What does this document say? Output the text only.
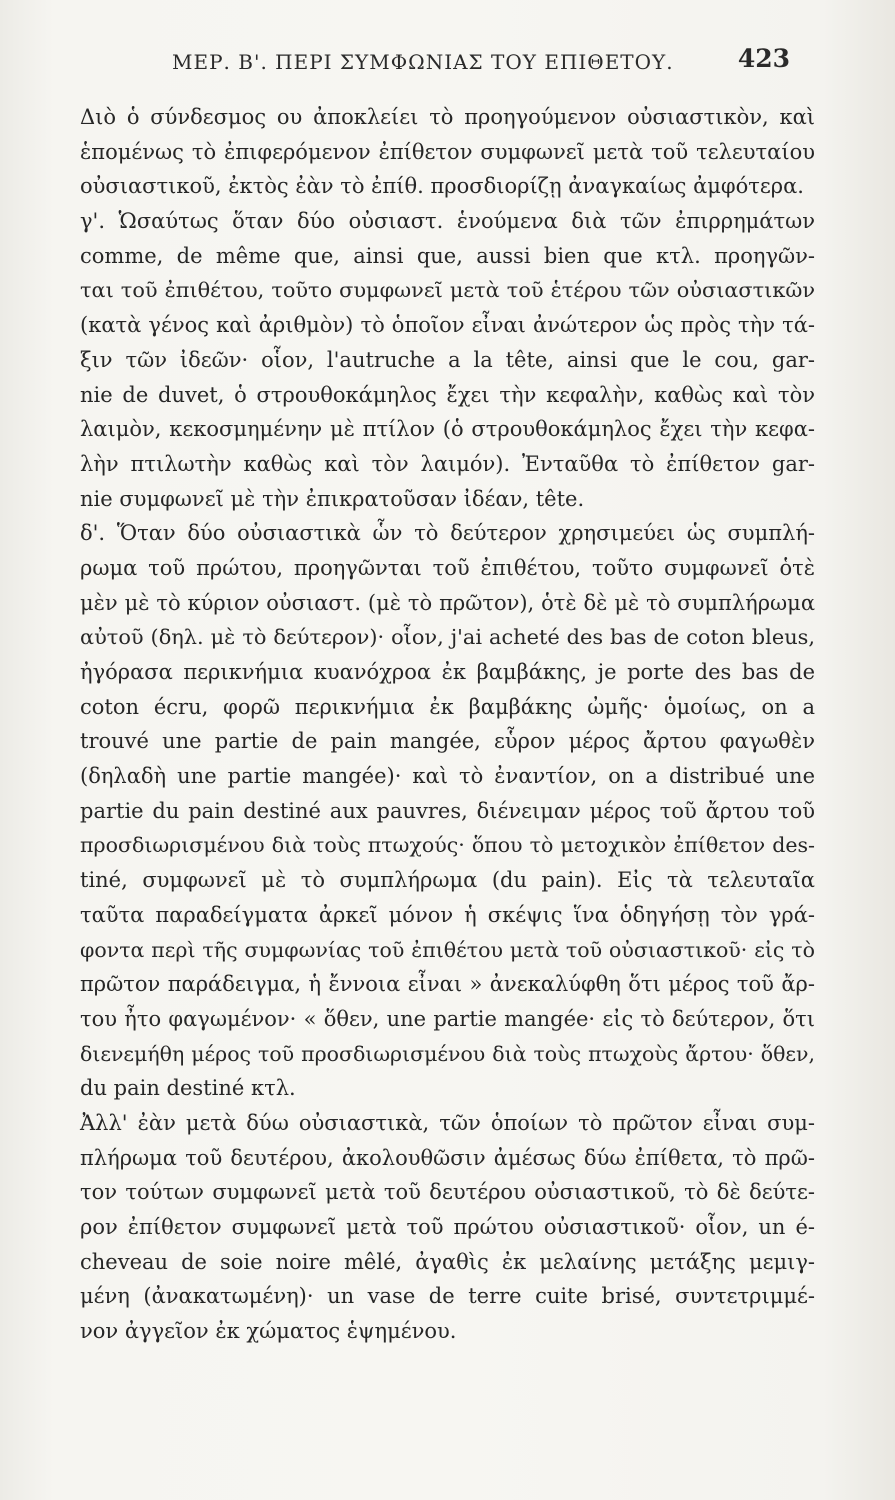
ΜΕΡ. Β'. ΠΕΡΙ ΣΥΜΦΩΝΙΑΣ ΤΟΥ ΕΠΙΘΕΤΟΥ.	423
Διὸ ὁ σύνδεσμος ου ἀποκλείει τὸ προηγούμενον οὐσιαστικὸν, καὶ
ἑπομένως τὸ ἐπιφερόμενον ἐπίθετον συμφωνεῖ μετὰ τοῦ τελευταίου
οὐσιαστικοῦ, ἐκτὸς ἐὰν τὸ ἐπίθ. προσδιορίζῃ ἀναγκαίως ἀμφότερα.
γ'. Ὡσαύτως ὅταν δύο οὐσιαστ. ἑνούμενα διὰ τῶν ἐπιρρημάτων
comme, de même que, ainsi que, aussi bien que κτλ. προηγῶν-
ται τοῦ ἐπιθέτου, τοῦτο συμφωνεῖ μετὰ τοῦ ἑτέρου τῶν οὐσιαστικῶν
(κατὰ γένος καὶ ἀριθμὸν) τὸ ὁποῖον εἶναι ἀνώτερον ὡς πρὸς τὴν τά-
ξιν τῶν ἰδεῶν· οἷον, l'autruche a la tête, ainsi que le cou, gar-
nie de duvet, ὁ στρουθοκάμηλος ἔχει τὴν κεφαλὴν, καθὼς καὶ τὸν
λαιμὸν, κεκοσμημένην μὲ πτίλον (ὁ στρουθοκάμηλος ἔχει τὴν κεφα-
λὴν πτιλωτὴν καθὼς καὶ τὸν λαιμόν). Ἐνταῦθα τὸ ἐπίθετον gar-
nie συμφωνεῖ μὲ τὴν ἐπικρατοῦσαν ἰδέαν, tête.
δ'. Ὅταν δύο οὐσιαστικὰ ὧν τὸ δεύτερον χρησιμεύει ὡς συμπλή-
ρωμα τοῦ πρώτου, προηγῶνται τοῦ ἐπιθέτου, τοῦτο συμφωνεῖ ὁτὲ
μὲν μὲ τὸ κύριον οὐσιαστ. (μὲ τὸ πρῶτον), ὁτὲ δὲ μὲ τὸ συμπλήρωμα
αὐτοῦ (δηλ. μὲ τὸ δεύτερον)· οἷον, j'ai acheté des bas de coton bleus,
ἠγόρασα περικνήμια κυανόχροα ἐκ βαμβάκης, je porte des bas de
coton écru, φορῶ περικνήμια ἐκ βαμβάκης ὠμῆς· ὁμοίως, on a
trouvé une partie de pain mangée, εὗρον μέρος ἄρτου φαγωθὲν
(δηλαδὴ une partie mangée)· καὶ τὸ ἐναντίον, on a distribué une
partie du pain destiné aux pauvres, διένειμαν μέρος τοῦ ἄρτου τοῦ
προσδιωρισμένου διὰ τοὺς πτωχούς· ὅπου τὸ μετοχικὸν ἐπίθετον des-
tiné, συμφωνεῖ μὲ τὸ συμπλήρωμα (du pain). Εἰς τὰ τελευταῖα
ταῦτα παραδείγματα ἀρκεῖ μόνον ἡ σκέψις ἵνα ὁδηγήσῃ τὸν γρά-
φοντα περὶ τῆς συμφωνίας τοῦ ἐπιθέτου μετὰ τοῦ οὐσιαστικοῦ· εἰς τὸ
πρῶτον παράδειγμα, ἡ ἔννοια εἶναι » ἀνεκαλύφθη ὅτι μέρος τοῦ ἄρ-
του ἦτο φαγωμένον· « ὅθεν, une partie mangée· εἰς τὸ δεύτερον, ὅτι
διενεμήθη μέρος τοῦ προσδιωρισμένου διὰ τοὺς πτωχοὺς ἄρτου· ὅθεν,
du pain destiné κτλ.
Ἀλλ' ἐὰν μετὰ δύω οὐσιαστικὰ, τῶν ὁποίων τὸ πρῶτον εἶναι συμ-
πλήρωμα τοῦ δευτέρου, ἀκολουθῶσιν ἀμέσως δύω ἐπίθετα, τὸ πρῶ-
τον τούτων συμφωνεῖ μετὰ τοῦ δευτέρου οὐσιαστικοῦ, τὸ δὲ δεύτε-
ρον ἐπίθετον συμφωνεῖ μετὰ τοῦ πρώτου οὐσιαστικοῦ· οἷον, un é-
cheveau de soie noire mêlé, ἀγαθὶς ἐκ μελαίνης μετάξης μεμιγ-
μένη (ἀνακατωμένη)· un vase de terre cuite brisé, συντετριμμέ-
νον ἀγγεῖον ἐκ χώματος ἑψημένου.
